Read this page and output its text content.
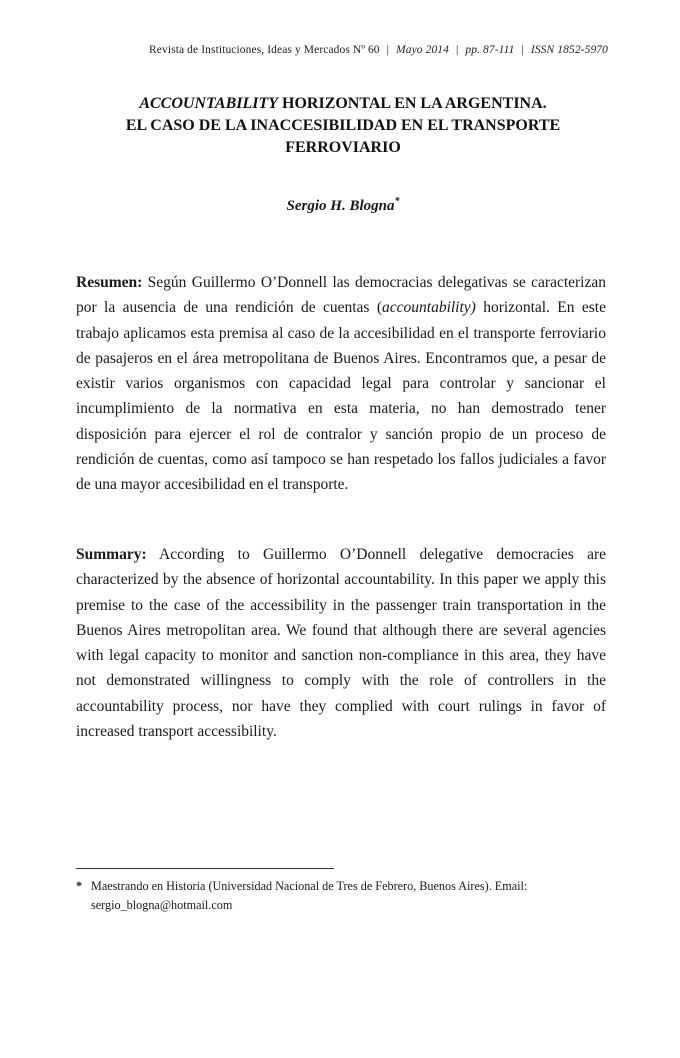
Revista de Instituciones, Ideas y Mercados Nº 60 | Mayo 2014 | pp. 87-111 | ISSN 1852-5970
ACCOUNTABILITY HORIZONTAL EN LA ARGENTINA.
EL CASO DE LA INACCESIBILIDAD EN EL TRANSPORTE
FERROVIARIO
Sergio H. Blogna*

Resumen: Según Guillermo O’Donnell las democracias delegativas se caracterizan por la ausencia de una rendición de cuentas (accountability) horizontal. En este trabajo aplicamos esta premisa al caso de la accesibilidad en el transporte ferroviario de pasajeros en el área metropolitana de Buenos Aires. Encontramos que, a pesar de existir varios organismos con capacidad legal para controlar y sancionar el incumplimiento de la normativa en esta materia, no han demostrado tener disposición para ejercer el rol de contralor y sanción propio de un proceso de rendición de cuentas, como así tampoco se han respetado los fallos judiciales a favor de una mayor accesibilidad en el transporte.

Summary: According to Guillermo O’Donnell delegative democracies are characterized by the absence of horizontal accountability. In this paper we apply this premise to the case of the accessibility in the passenger train transportation in the Buenos Aires metropolitan area. We found that although there are several agencies with legal capacity to monitor and sanction non-compliance in this area, they have not demonstrated willingness to comply with the role of controllers in the accountability process, nor have they complied with court rulings in favor of increased transport accessibility.

* Maestrando en Historia (Universidad Nacional de Tres de Febrero, Buenos Aires). Email: sergio_blogna@hotmail.com
